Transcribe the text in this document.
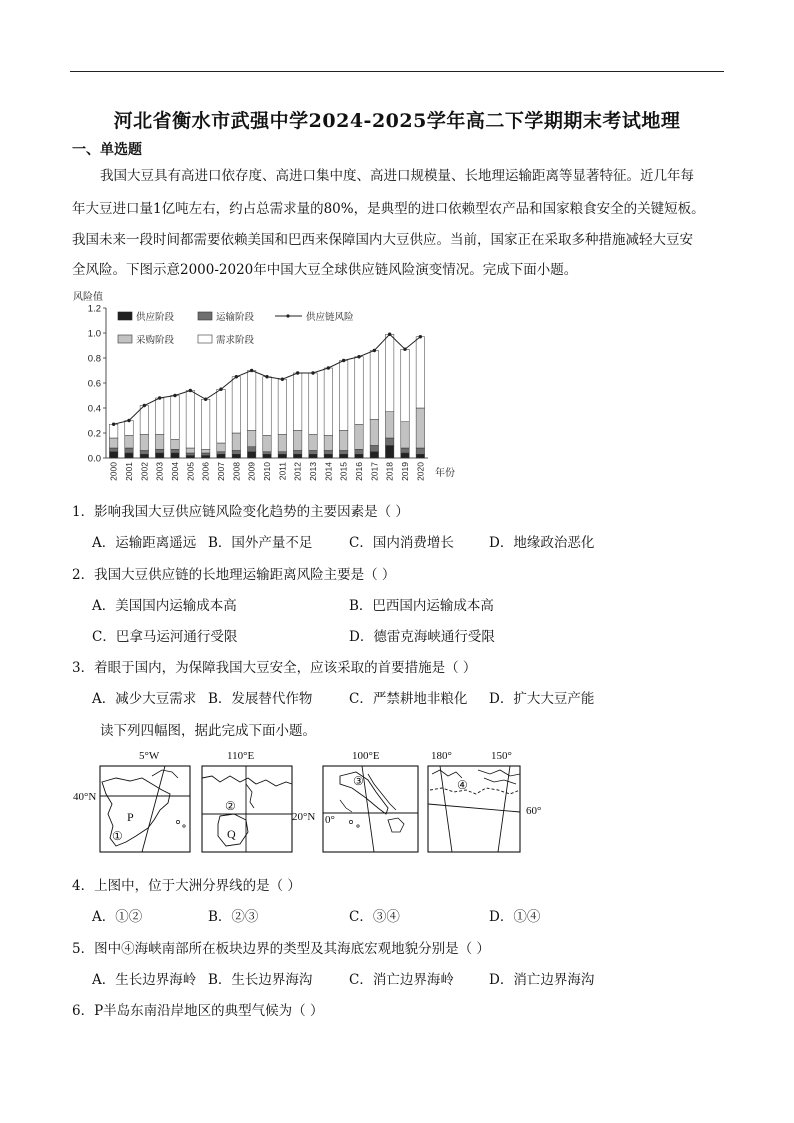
河北省衡水市武强中学2024-2025学年高二下学期期末考试地理
一、单选题
我国大豆具有高进口依存度、高进口集中度、高进口规模量、长地理运输距离等显著特征。近几年每
年大豆进口量1亿吨左右，约占总需求量的80%，是典型的进口依赖型农产品和国家粮食安全的关键短板。
我国未来一段时间都需要依赖美国和巴西来保障国内大豆供应。当前，国家正在采取多种措施减轻大豆安
全风险。下图示意2000-2020年中国大豆全球供应链风险演变情况。完成下面小题。
风险值
0.0
0.2
0.4
0.6
0.8
1.0
1.2
2000 2001 2002 2003 2004 2005 2006 2007 2008 2009 2010 2011 2012 2013 2014 2015 2016 2017 2018 2019 2020 年份
供应阶段	运输阶段	供应链风险
采购阶段	需求阶段
1．影响我国大豆供应链风险变化趋势的主要因素是（ ）
A．运输距离遥远 B．国外产量不足	C．国内消费增长	D．地缘政治恶化
2．我国大豆供应链的长地理运输距离风险主要是（ ）
A．美国国内运输成本高	B．巴西国内运输成本高
C．巴拿马运河通行受限	D．德雷克海峡通行受限
3．着眼于国内，为保障我国大豆安全，应该采取的首要措施是（ ）
A．减少大豆需求 B．发展替代作物	C．严禁耕地非粮化 D．扩大大豆产能
读下列四幅图，据此完成下面小题。
5°W
40°N
P
①
110°E
20°N
②
Q
100°E
0°
③
180°	150°
60°
④
4．上图中，位于大洲分界线的是（ ）
A．①②	B．②③	C．③④	D．①④
5．图中④海峡南部所在板块边界的类型及其海底宏观地貌分别是（ ）
A．生长边界海岭 B．生长边界海沟	C．消亡边界海岭	D．消亡边界海沟
6．P半岛东南沿岸地区的典型气候为（ ）
